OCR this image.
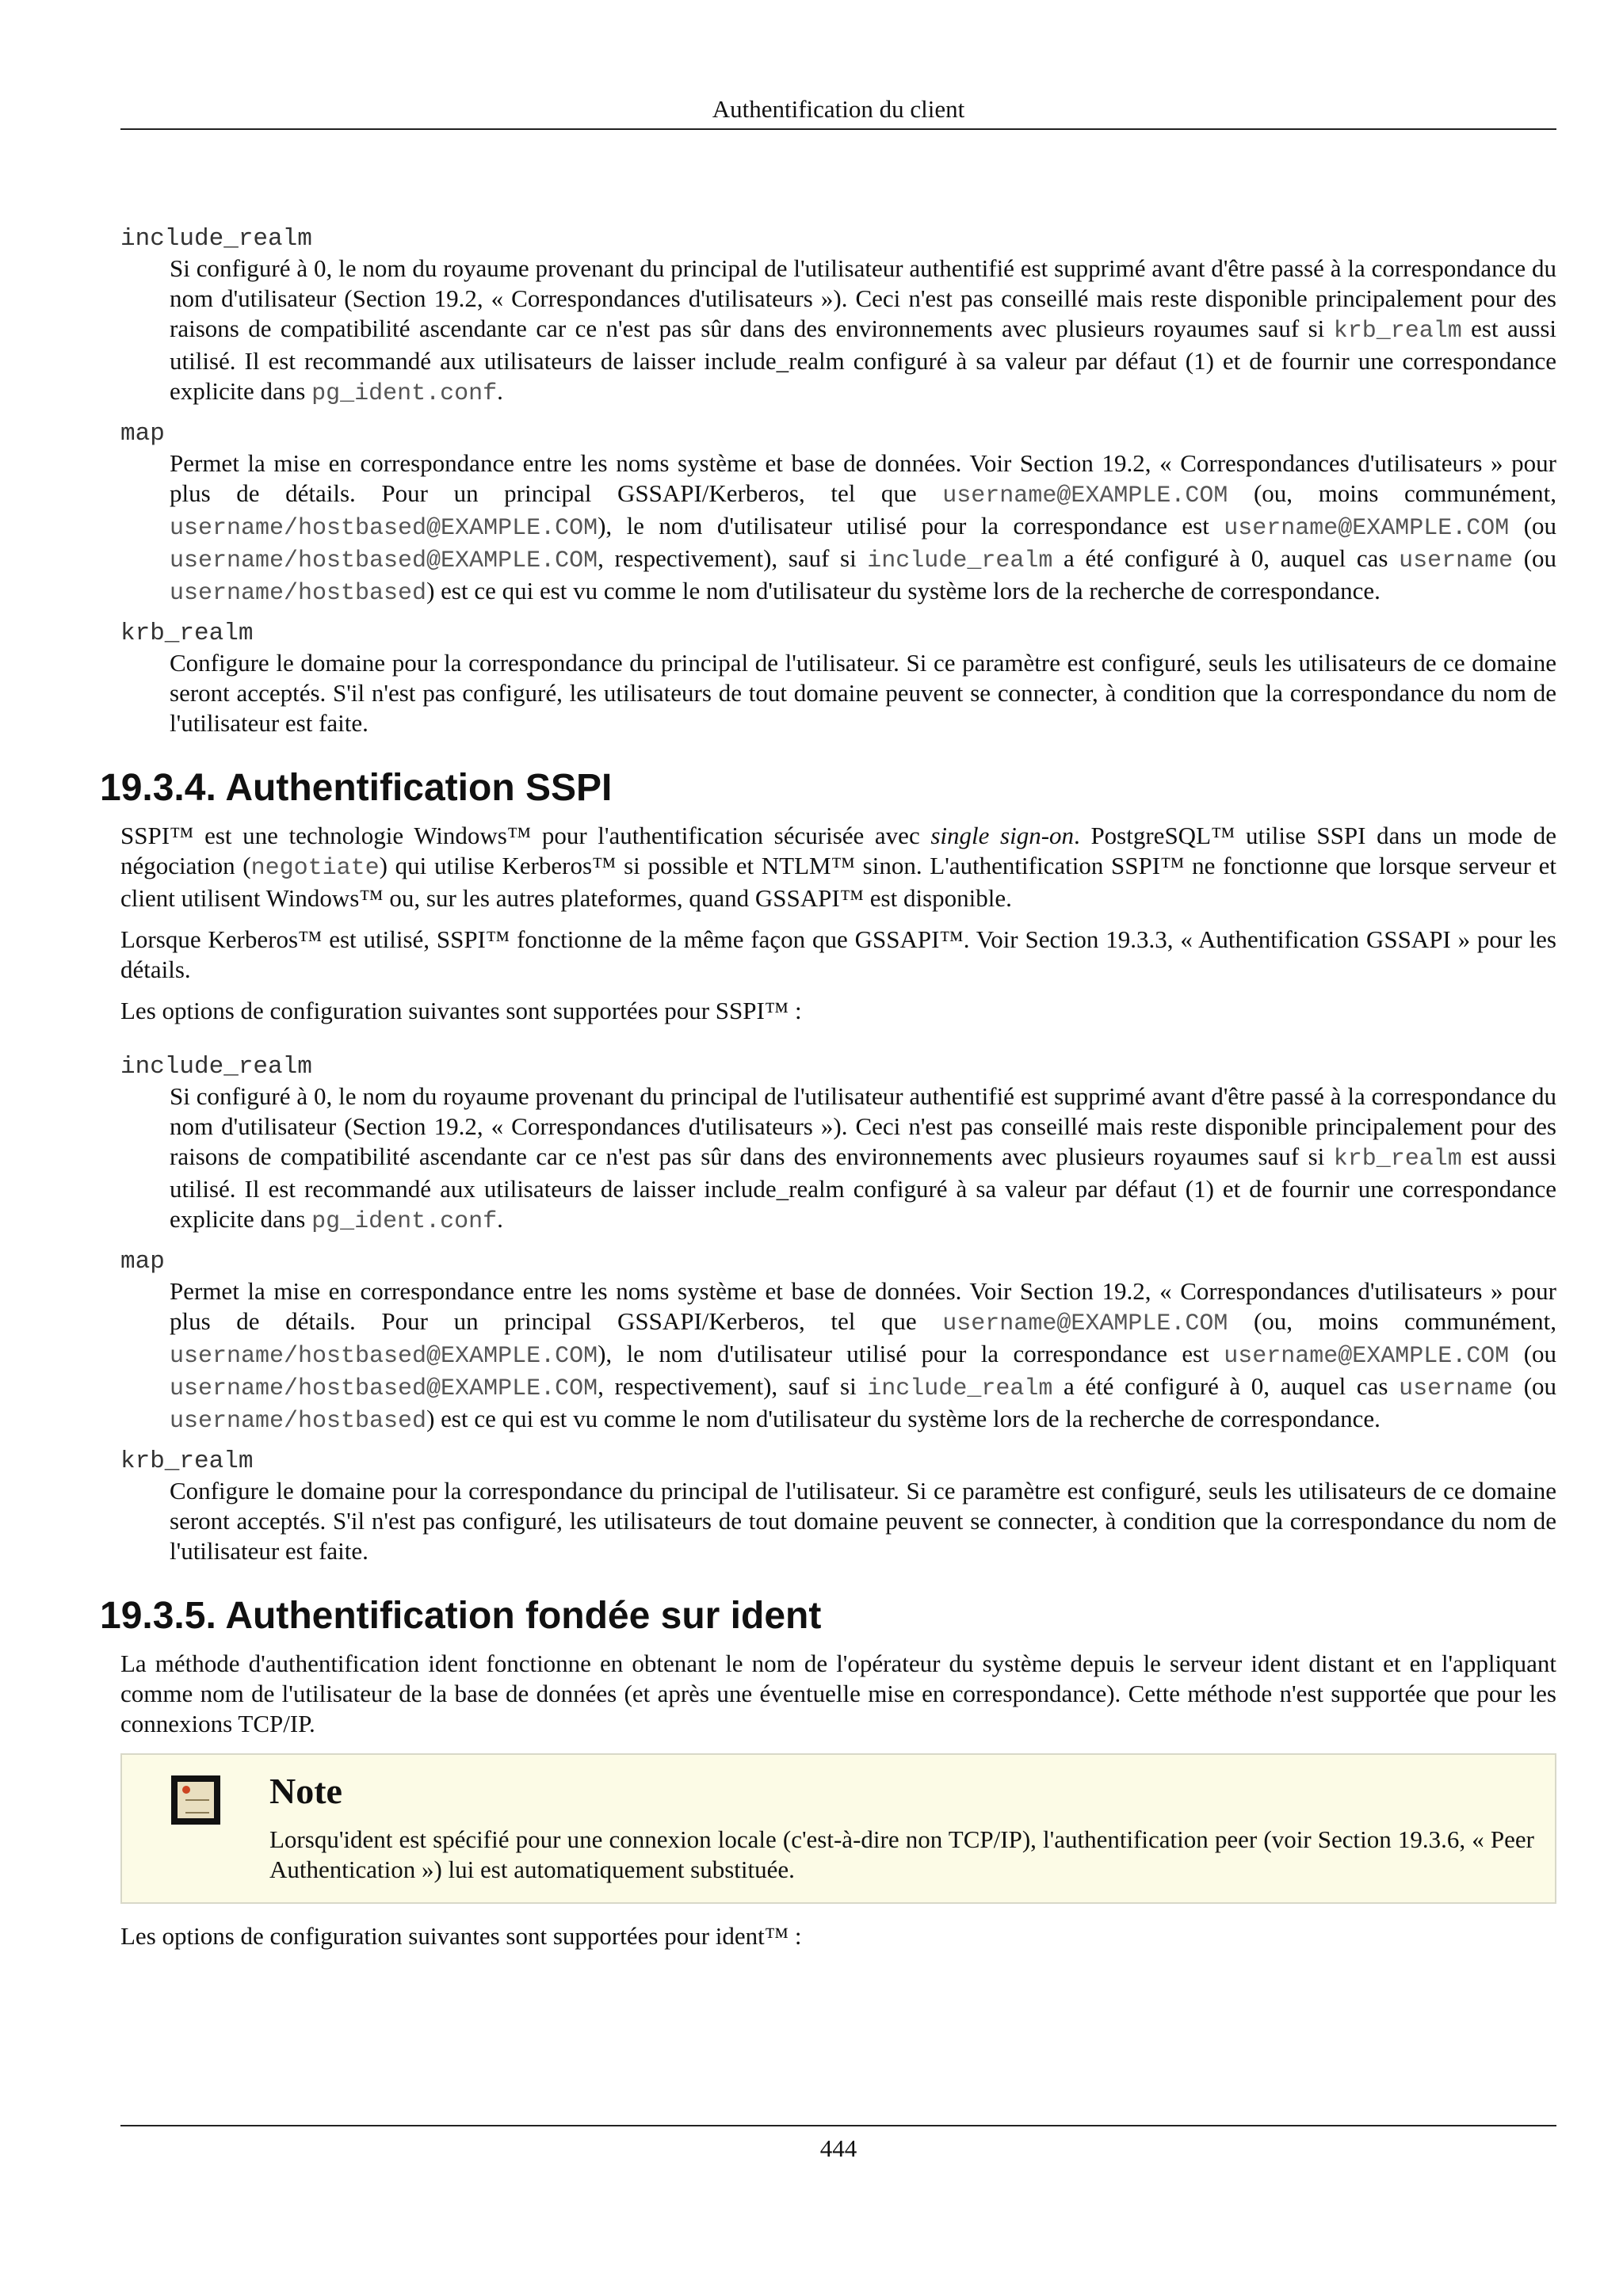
Authentification du client
include_realm
Si configuré à 0, le nom du royaume provenant du principal de l'utilisateur authentifié est supprimé avant d'être passé à la correspondance du nom d'utilisateur (Section 19.2, « Correspondances d'utilisateurs »). Ceci n'est pas conseillé mais reste disponible principalement pour des raisons de compatibilité ascendante car ce n'est pas sûr dans des environnements avec plusieurs royaumes sauf si krb_realm est aussi utilisé. Il est recommandé aux utilisateurs de laisser include_realm configuré à sa valeur par défaut (1) et de fournir une correspondance explicite dans pg_ident.conf.
map
Permet la mise en correspondance entre les noms système et base de données. Voir Section 19.2, « Correspondances d'utilisateurs » pour plus de détails. Pour un principal GSSAPI/Kerberos, tel que username@EXAMPLE.COM (ou, moins communément, username/hostbased@EXAMPLE.COM), le nom d'utilisateur utilisé pour la correspondance est username@EXAMPLE.COM (ou username/hostbased@EXAMPLE.COM, respectivement), sauf si include_realm a été configuré à 0, auquel cas username (ou username/hostbased) est ce qui est vu comme le nom d'utilisateur du système lors de la recherche de correspondance.
krb_realm
Configure le domaine pour la correspondance du principal de l'utilisateur. Si ce paramètre est configuré, seuls les utilisateurs de ce domaine seront acceptés. S'il n'est pas configuré, les utilisateurs de tout domaine peuvent se connecter, à condition que la correspondance du nom de l'utilisateur est faite.
19.3.4. Authentification SSPI

SSPI™ est une technologie Windows™ pour l'authentification sécurisée avec single sign-on. PostgreSQL™ utilise SSPI dans un mode de négociation (negotiate) qui utilise Kerberos™ si possible et NTLM™ sinon. L'authentification SSPI™ ne fonctionne que lorsque serveur et client utilisent Windows™ ou, sur les autres plateformes, quand GSSAPI™ est disponible.

Lorsque Kerberos™ est utilisé, SSPI™ fonctionne de la même façon que GSSAPI™. Voir Section 19.3.3, « Authentification GSSAPI » pour les détails.

Les options de configuration suivantes sont supportées pour SSPI™ :

include_realm
Si configuré à 0, le nom du royaume provenant du principal de l'utilisateur authentifié est supprimé avant d'être passé à la correspondance du nom d'utilisateur (Section 19.2, « Correspondances d'utilisateurs »). Ceci n'est pas conseillé mais reste disponible principalement pour des raisons de compatibilité ascendante car ce n'est pas sûr dans des environnements avec plusieurs royaumes sauf si krb_realm est aussi utilisé. Il est recommandé aux utilisateurs de laisser include_realm configuré à sa valeur par défaut (1) et de fournir une correspondance explicite dans pg_ident.conf.
map
Permet la mise en correspondance entre les noms système et base de données. Voir Section 19.2, « Correspondances d'utilisateurs » pour plus de détails. Pour un principal GSSAPI/Kerberos, tel que username@EXAMPLE.COM (ou, moins communément, username/hostbased@EXAMPLE.COM), le nom d'utilisateur utilisé pour la correspondance est username@EXAMPLE.COM (ou username/hostbased@EXAMPLE.COM, respectivement), sauf si include_realm a été configuré à 0, auquel cas username (ou username/hostbased) est ce qui est vu comme le nom d'utilisateur du système lors de la recherche de correspondance.
krb_realm
Configure le domaine pour la correspondance du principal de l'utilisateur. Si ce paramètre est configuré, seuls les utilisateurs de ce domaine seront acceptés. S'il n'est pas configuré, les utilisateurs de tout domaine peuvent se connecter, à condition que la correspondance du nom de l'utilisateur est faite.
19.3.5. Authentification fondée sur ident

La méthode d'authentification ident fonctionne en obtenant le nom de l'opérateur du système depuis le serveur ident distant et en l'appliquant comme nom de l'utilisateur de la base de données (et après une éventuelle mise en correspondance). Cette méthode n'est supportée que pour les connexions TCP/IP.

Note
Lorsqu'ident est spécifié pour une connexion locale (c'est-à-dire non TCP/IP), l'authentification peer (voir Section 19.3.6, « Peer Authentication ») lui est automatiquement substituée.

Les options de configuration suivantes sont supportées pour ident™ :

444
